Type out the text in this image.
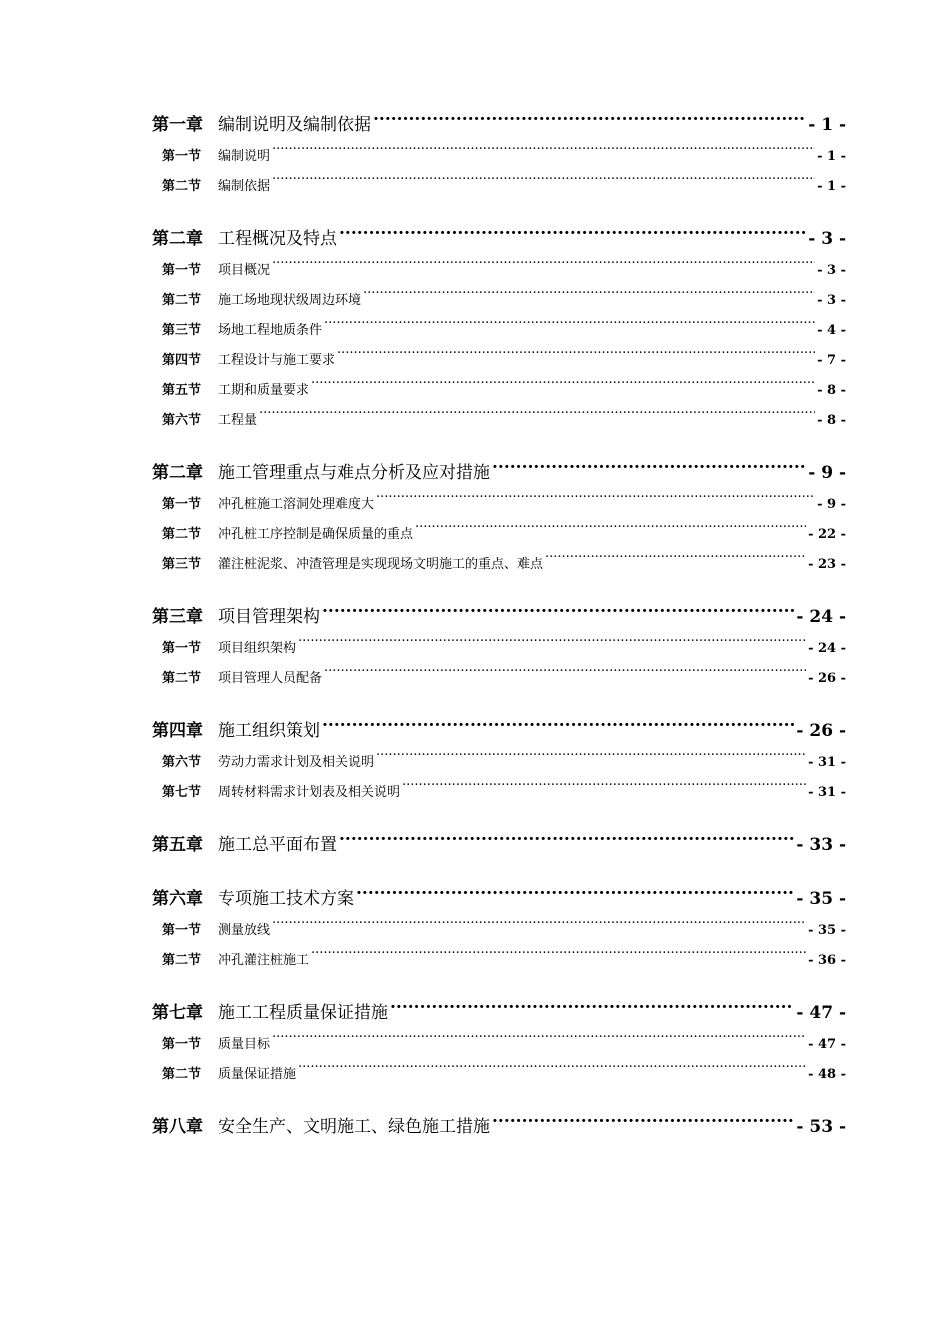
第一章 编制说明及编制依据 .....	- 1 -
第一节	编制说明 .....	- 1 -
第二节	编制依据 .....	- 1 -
第二章 工程概况及特点 .....	- 3 -
第一节	项目概况 .....	- 3 -
第二节	施工场地现状级周边环境 .....	- 3 -
第三节	场地工程地质条件 .....	- 4 -
第四节	工程设计与施工要求 .....	- 7 -
第五节	工期和质量要求 .....	- 8 -
第六节	工程量 .....	- 8 -
第二章 施工管理重点与难点分析及应对措施 .....	- 9 -
第一节	冲孔桩施工溶洞处理难度大 .....	- 9 -
第二节	冲孔桩工序控制是确保质量的重点 .....	- 22 -
第三节	灌注桩泥浆、冲渣管理是实现现场文明施工的重点、难点 .....	- 23 -
第三章 项目管理架构 .....	- 24 -
第一节	项目组织架构 .....	- 24 -
第二节	项目管理人员配备 .....	- 26 -
第四章 施工组织策划 .....	- 26 -
第六节	劳动力需求计划及相关说明 .....	- 31 -
第七节	周转材料需求计划表及相关说明 .....	- 31 -
第五章 施工总平面布置 .....	- 33 -
第六章 专项施工技术方案 .....	- 35 -
第一节	测量放线 .....	- 35 -
第二节	冲孔灌注桩施工 .....	- 36 -
第七章 施工工程质量保证措施 .....	- 47 -
第一节	质量目标 .....	- 47 -
第二节	质量保证措施 .....	- 48 -
第八章 安全生产、文明施工、绿色施工措施 .....	- 53 -
